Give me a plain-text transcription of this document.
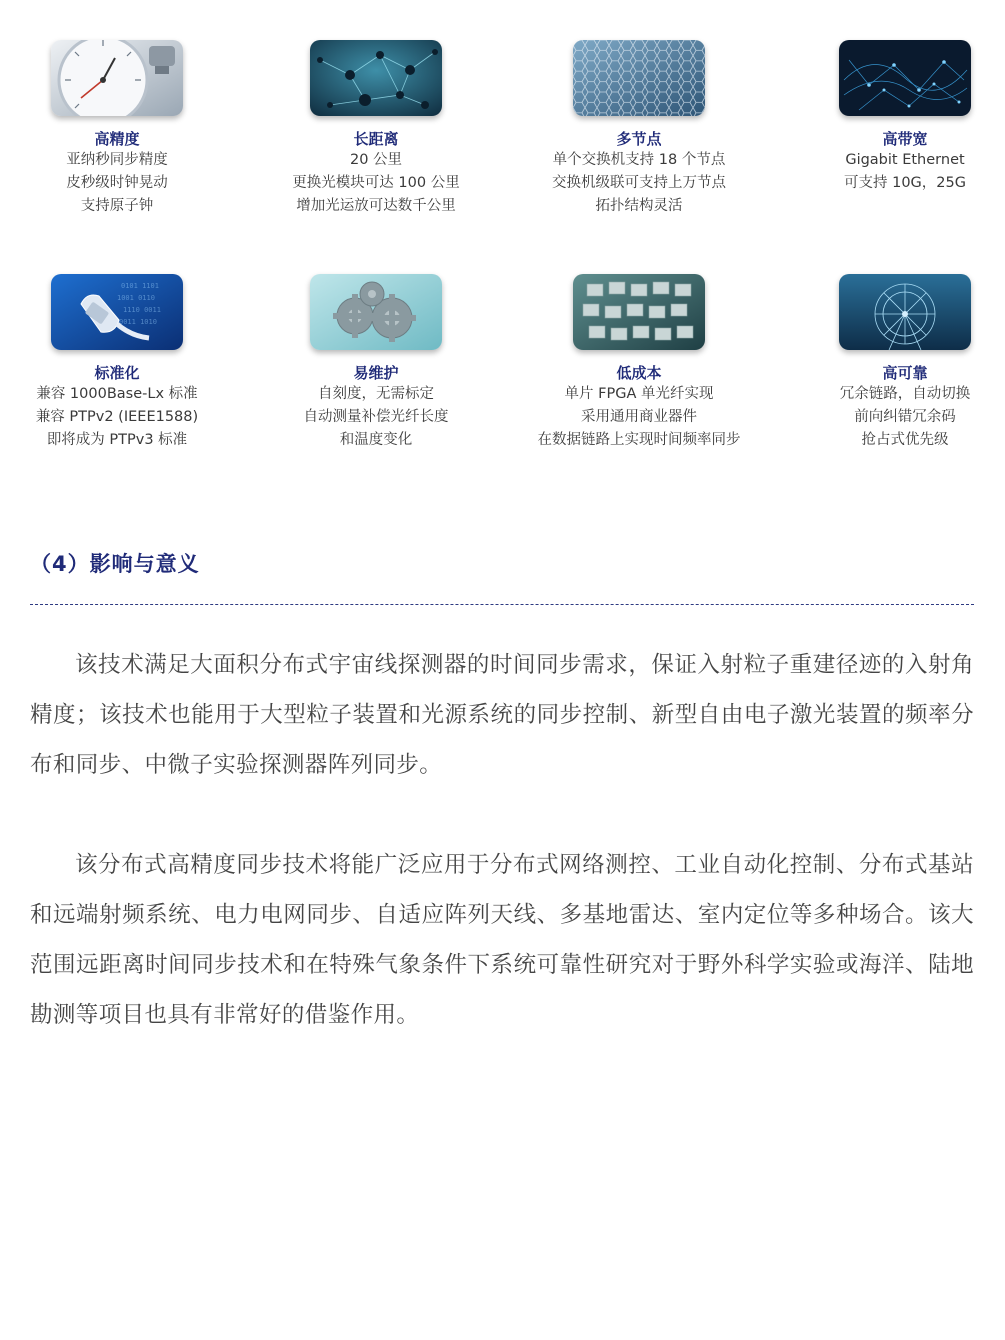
高精度
亚纳秒同步精度
皮秒级时钟晃动
支持原子钟
长距离
20 公里
更换光模块可达 100 公里
增加光运放可达数千公里
多节点
单个交换机支持 18 个节点
交换机级联可支持上万节点
拓扑结构灵活
高带宽
Gigabit Ethernet
可支持 10G，25G
0101 1101
1001 0110
1110 0011
0011 1010
标准化
兼容 1000Base-Lx 标准
兼容 PTPv2 (IEEE1588)
即将成为 PTPv3 标准
易维护
自刻度，无需标定
自动测量补偿光纤长度
和温度变化
低成本
单片 FPGA 单光纤实现
采用通用商业器件
在数据链路上实现时间频率同步
高可靠
冗余链路，自动切换
前向纠错冗余码
抢占式优先级
（4）影响与意义

该技术满足大面积分布式宇宙线探测器的时间同步需求，保证入射粒子重建径迹的入射角精度；该技术也能用于大型粒子装置和光源系统的同步控制、新型自由电子激光装置的频率分布和同步、中微子实验探测器阵列同步。

该分布式高精度同步技术将能广泛应用于分布式网络测控、工业自动化控制、分布式基站和远端射频系统、电力电网同步、自适应阵列天线、多基地雷达、室内定位等多种场合。该大范围远距离时间同步技术和在特殊气象条件下系统可靠性研究对于野外科学实验或海洋、陆地勘测等项目也具有非常好的借鉴作用。
